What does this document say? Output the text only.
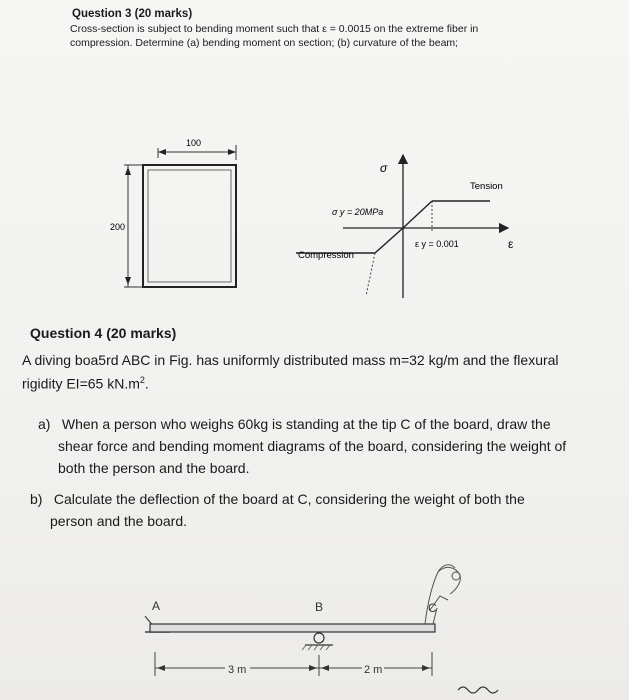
Question 3 (20 marks)
Cross-section is subject to bending moment such that ε = 0.0015 on the extreme fiber in
compression. Determine (a) bending moment on section; (b) curvature of the beam;
100
200
σ
ε
Tension
Compression
σ y = 20MPa
ε y = 0.001
A	B	C
3 m	2 m
Question 4 (20 marks)
A diving boa5rd ABC in Fig. has uniformly distributed mass m=32 kg/m and the flexural
rigidity EI=65 $kN.m^2$.
a) When a person who weighs 60kg is standing at the tip C of the board, draw the
shear force and bending moment diagrams of the board, considering the weight of
both the person and the board.
b) Calculate the deflection of the board at C, considering the weight of both the
person and the board.
